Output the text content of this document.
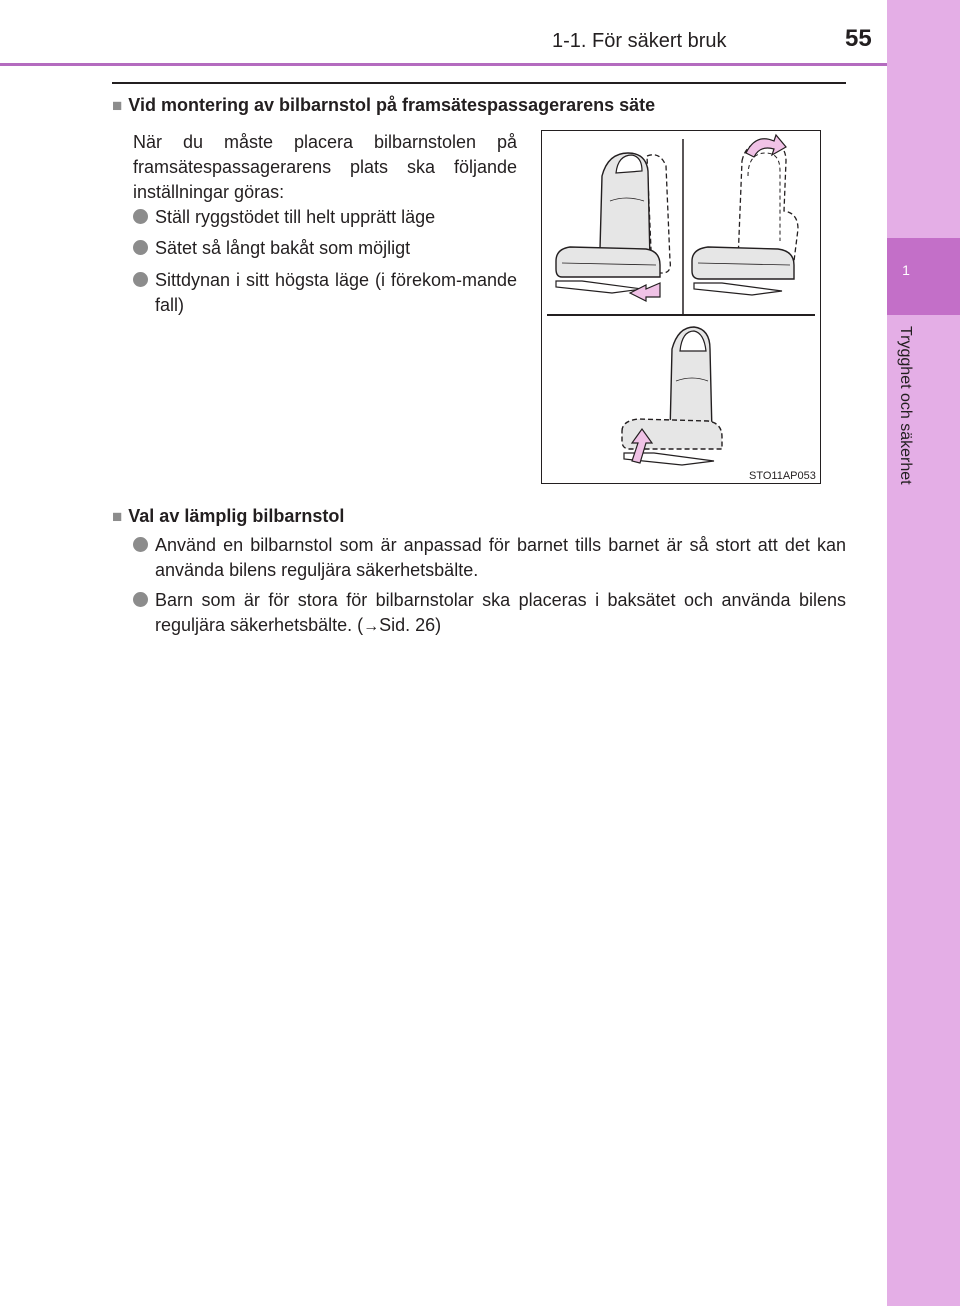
1
Trygghet och säkerhet
1-1. För säkert bruk	55
■ Vid montering av bilbarnstol på framsätespassagerarens säte
När du måste placera bilbarnstolen på framsätespassagerarens plats ska följande inställningar göras:
Ställ ryggstödet till helt upprätt läge
Sätet så långt bakåt som möjligt
Sittdynan i sitt högsta läge (i förekom-mande fall)
STO11AP053
■ Val av lämplig bilbarnstol
Använd en bilbarnstol som är anpassad för barnet tills barnet är så stort att det kan använda bilens reguljära säkerhetsbälte.
Barn som är för stora för bilbarnstolar ska placeras i baksätet och använda bilens reguljära säkerhetsbälte. (→Sid. 26)
